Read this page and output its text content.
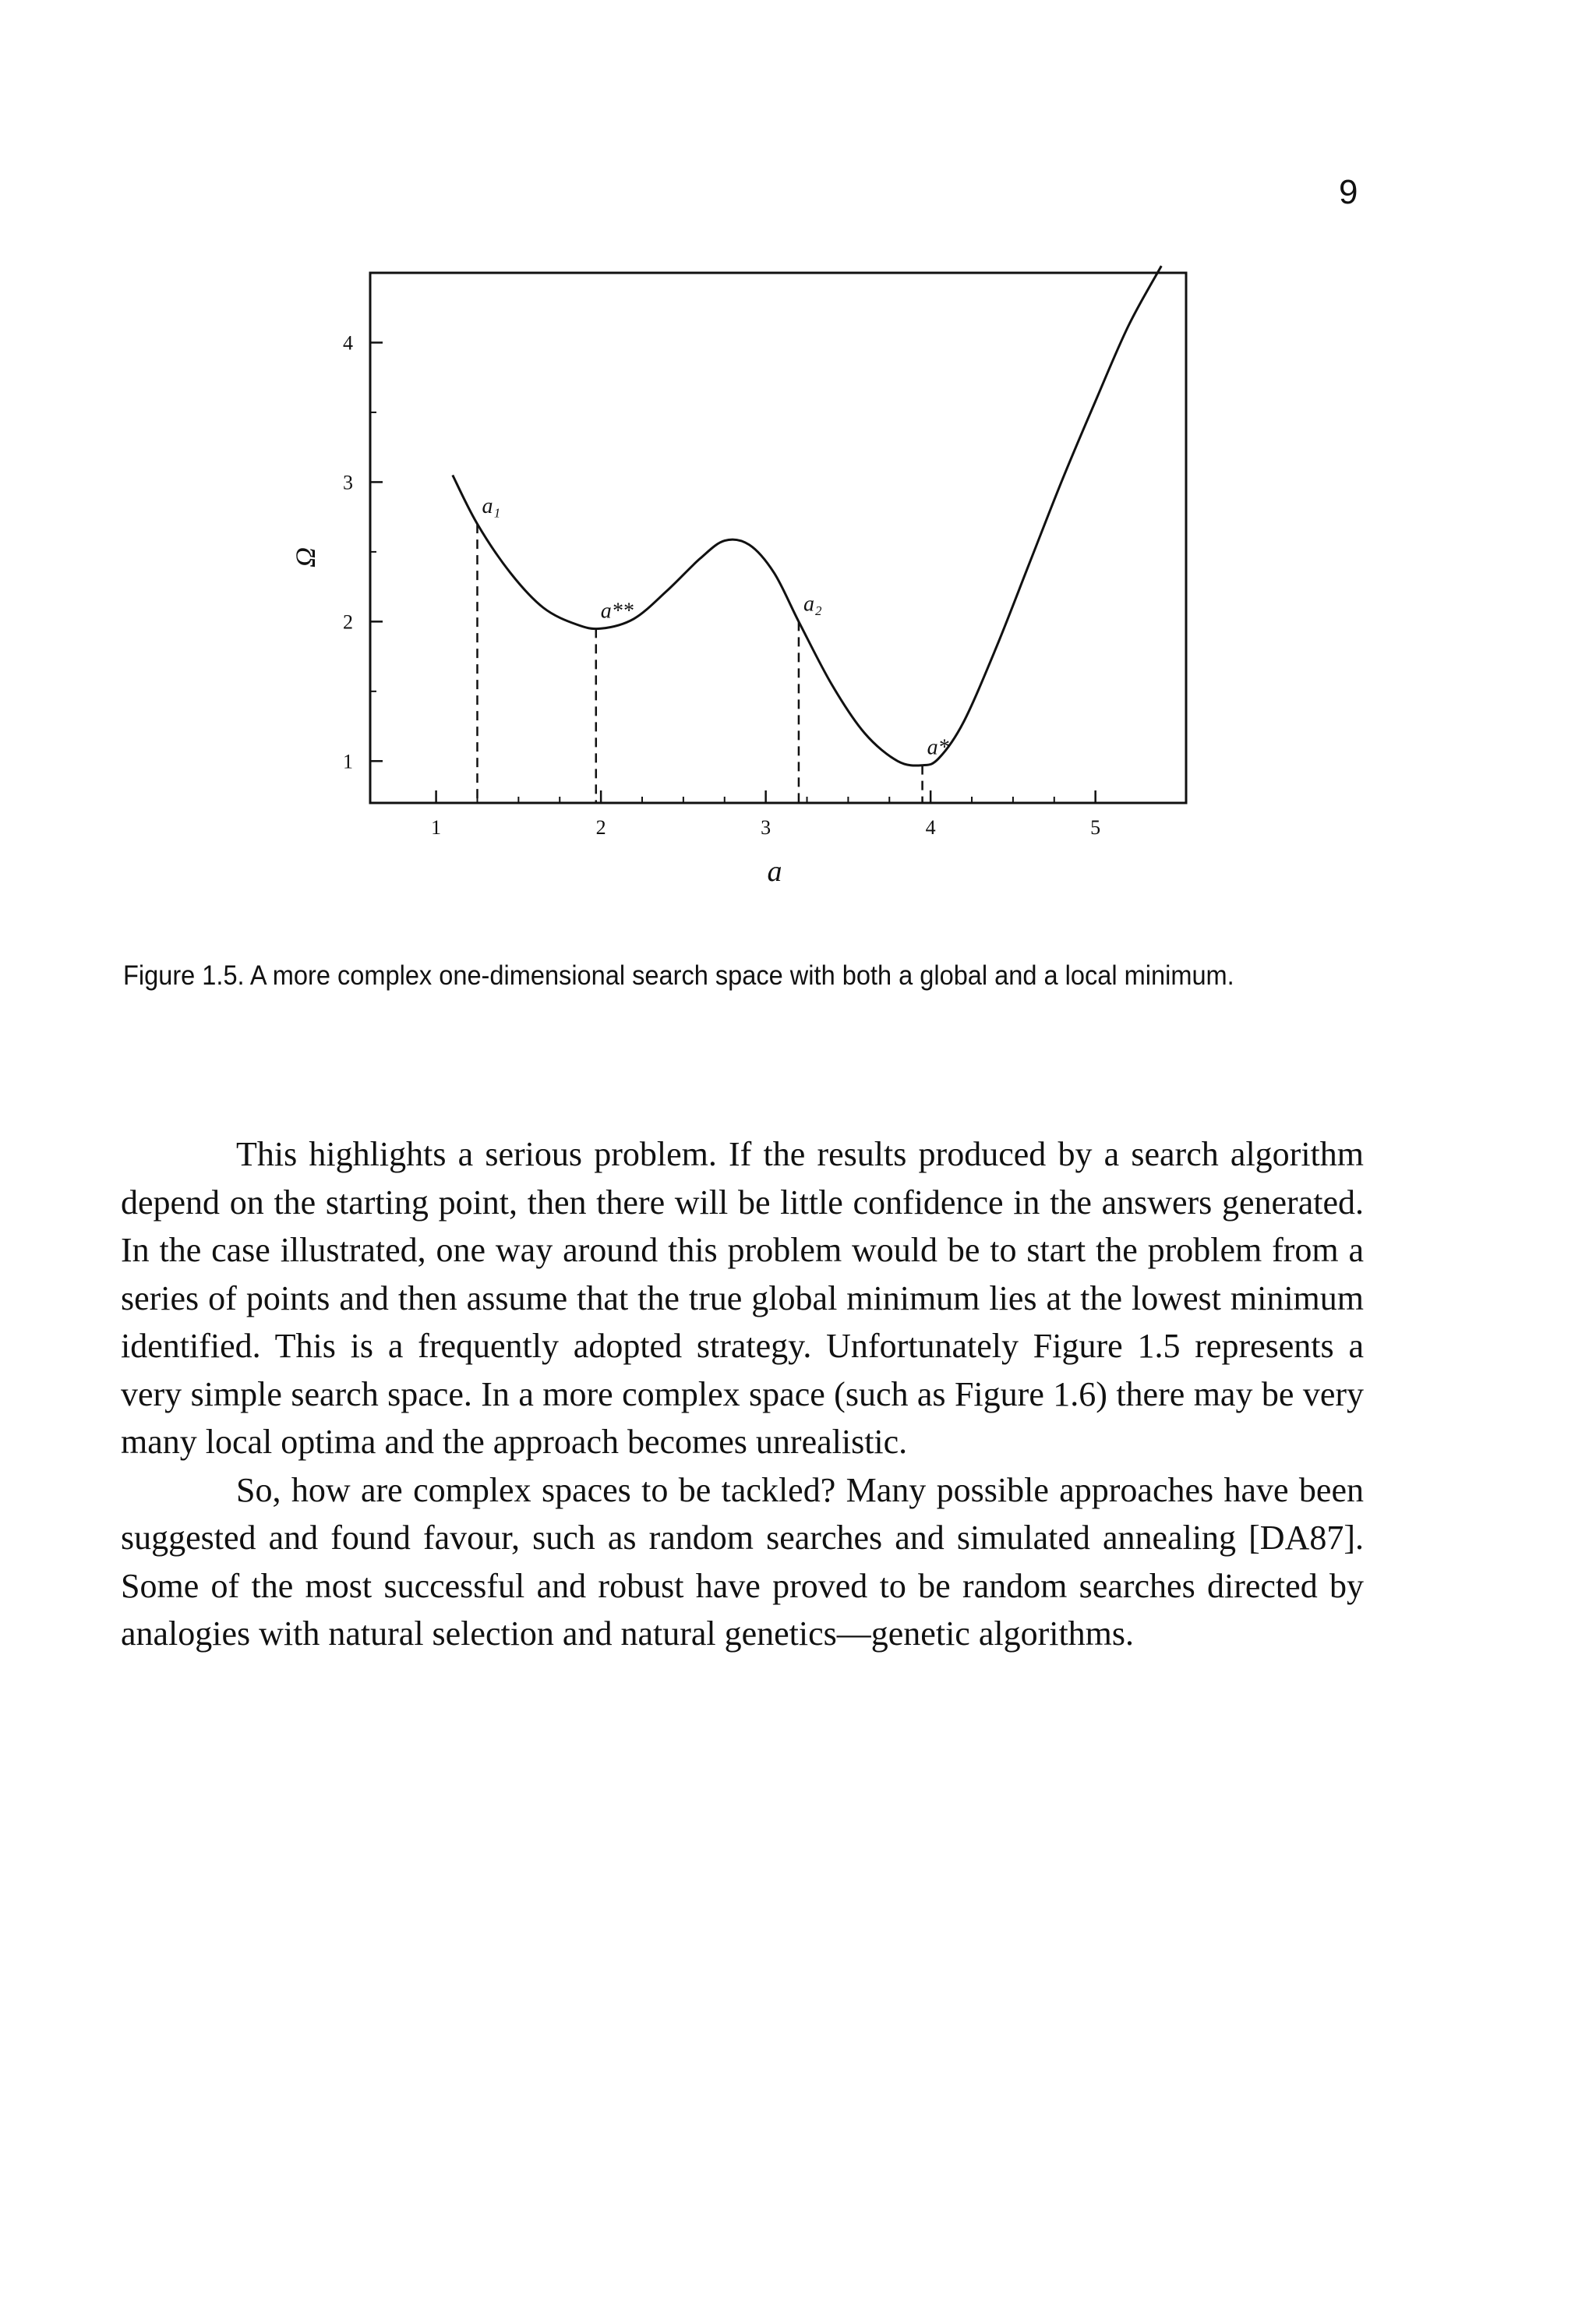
9
1
2
3
4
1	2	3	4	5
a₁
a**	a₂
a*
Ω
a
Figure 1.5. A more complex one-dimensional search space with both a global and a local minimum.

This highlights a serious problem. If the results produced by a search algorithm depend on the starting point, then there will be little confidence in the answers generated. In the case illustrated, one way around this problem would be to start the problem from a series of points and then assume that the true global minimum lies at the lowest minimum identified. This is a frequently adopted strategy. Unfortunately Figure 1.5 represents a very simple search space. In a more complex space (such as Figure 1.6) there may be very many local optima and the approach becomes unrealistic.

So, how are complex spaces to be tackled? Many possible approaches have been suggested and found favour, such as random searches and simulated annealing [DA87]. Some of the most successful and robust have proved to be random searches directed by analogies with natural selection and natural genetics—genetic algorithms.
